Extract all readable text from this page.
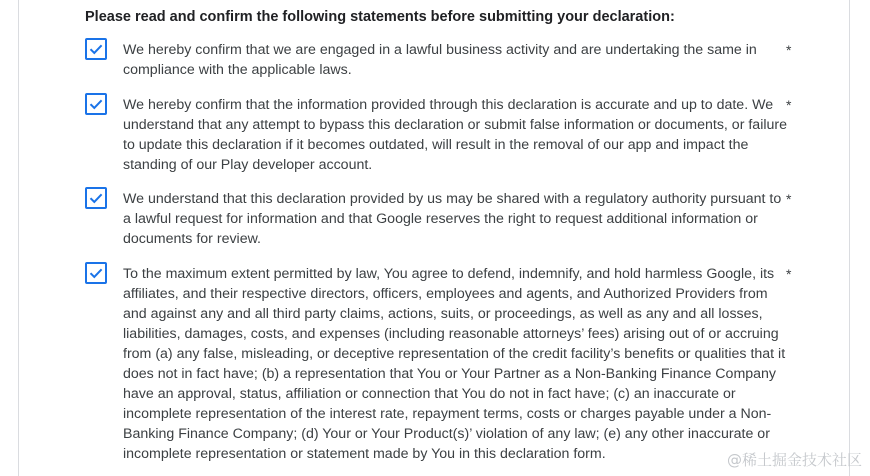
Please read and confirm the following statements before submitting your declaration:
We hereby confirm that we are engaged in a lawful business activity and are undertaking the same in compliance with the applicable laws.
*
We hereby confirm that the information provided through this declaration is accurate and up to date. We understand that any attempt to bypass this declaration or submit false information or documents, or failure to update this declaration if it becomes outdated, will result in the removal of our app and impact the standing of our Play developer account.
*
We understand that this declaration provided by us may be shared with a regulatory authority pursuant to a lawful request for information and that Google reserves the right to request additional information or documents for review.
*
To the maximum extent permitted by law, You agree to defend, indemnify, and hold harmless Google, its affiliates, and their respective directors, officers, employees and agents, and Authorized Providers from and against any and all third party claims, actions, suits, or proceedings, as well as any and all losses, liabilities, damages, costs, and expenses (including reasonable attorneys’ fees) arising out of or accruing from (a) any false, misleading, or deceptive representation of the credit facility’s benefits or qualities that it does not in fact have; (b) a representation that You or Your Partner as a Non-Banking Finance Company have an approval, status, affiliation or connection that You do not in fact have; (c) an inaccurate or incomplete representation of the interest rate, repayment terms, costs or charges payable under a Non-Banking Finance Company; (d) Your or Your Product(s)’ violation of any law; (e) any other inaccurate or incomplete representation or statement made by You in this declaration form.
*
@稀土掘金技术社区
